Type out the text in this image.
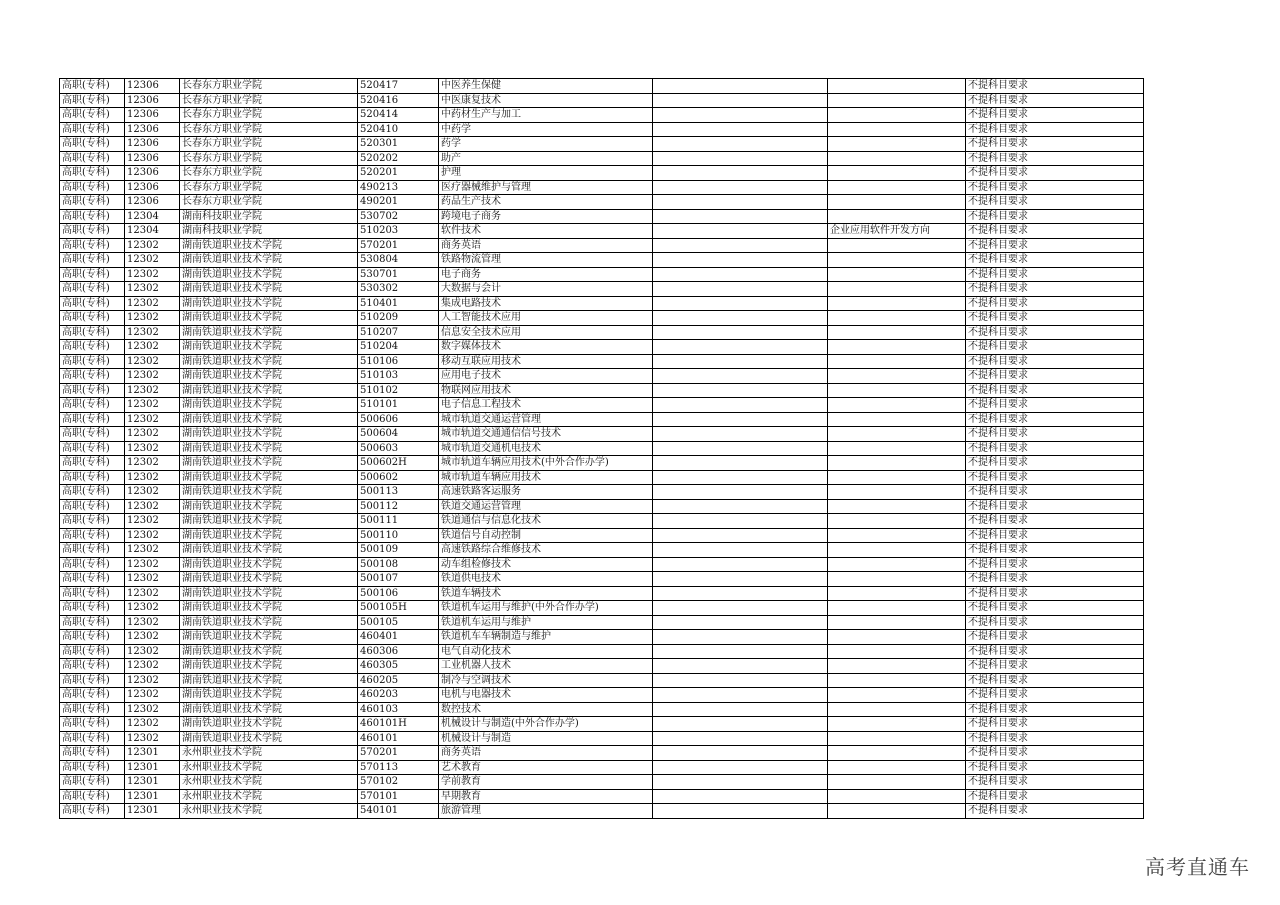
高职(专科)	12306	长春东方职业学院	520417	中医养生保健			不提科目要求
高职(专科)	12306	长春东方职业学院	520416	中医康复技术			不提科目要求
高职(专科)	12306	长春东方职业学院	520414	中药材生产与加工			不提科目要求
高职(专科)	12306	长春东方职业学院	520410	中药学			不提科目要求
高职(专科)	12306	长春东方职业学院	520301	药学			不提科目要求
高职(专科)	12306	长春东方职业学院	520202	助产			不提科目要求
高职(专科)	12306	长春东方职业学院	520201	护理			不提科目要求
高职(专科)	12306	长春东方职业学院	490213	医疗器械维护与管理			不提科目要求
高职(专科)	12306	长春东方职业学院	490201	药品生产技术			不提科目要求
高职(专科)	12304	湖南科技职业学院	530702	跨境电子商务			不提科目要求
高职(专科)	12304	湖南科技职业学院	510203	软件技术		企业应用软件开发方向	不提科目要求
高职(专科)	12302	湖南铁道职业技术学院	570201	商务英语			不提科目要求
高职(专科)	12302	湖南铁道职业技术学院	530804	铁路物流管理			不提科目要求
高职(专科)	12302	湖南铁道职业技术学院	530701	电子商务			不提科目要求
高职(专科)	12302	湖南铁道职业技术学院	530302	大数据与会计			不提科目要求
高职(专科)	12302	湖南铁道职业技术学院	510401	集成电路技术			不提科目要求
高职(专科)	12302	湖南铁道职业技术学院	510209	人工智能技术应用			不提科目要求
高职(专科)	12302	湖南铁道职业技术学院	510207	信息安全技术应用			不提科目要求
高职(专科)	12302	湖南铁道职业技术学院	510204	数字媒体技术			不提科目要求
高职(专科)	12302	湖南铁道职业技术学院	510106	移动互联应用技术			不提科目要求
高职(专科)	12302	湖南铁道职业技术学院	510103	应用电子技术			不提科目要求
高职(专科)	12302	湖南铁道职业技术学院	510102	物联网应用技术			不提科目要求
高职(专科)	12302	湖南铁道职业技术学院	510101	电子信息工程技术			不提科目要求
高职(专科)	12302	湖南铁道职业技术学院	500606	城市轨道交通运营管理			不提科目要求
高职(专科)	12302	湖南铁道职业技术学院	500604	城市轨道交通通信信号技术			不提科目要求
高职(专科)	12302	湖南铁道职业技术学院	500603	城市轨道交通机电技术			不提科目要求
高职(专科)	12302	湖南铁道职业技术学院	500602H	城市轨道车辆应用技术(中外合作办学)			不提科目要求
高职(专科)	12302	湖南铁道职业技术学院	500602	城市轨道车辆应用技术			不提科目要求
高职(专科)	12302	湖南铁道职业技术学院	500113	高速铁路客运服务			不提科目要求
高职(专科)	12302	湖南铁道职业技术学院	500112	铁道交通运营管理			不提科目要求
高职(专科)	12302	湖南铁道职业技术学院	500111	铁道通信与信息化技术			不提科目要求
高职(专科)	12302	湖南铁道职业技术学院	500110	铁道信号自动控制			不提科目要求
高职(专科)	12302	湖南铁道职业技术学院	500109	高速铁路综合维修技术			不提科目要求
高职(专科)	12302	湖南铁道职业技术学院	500108	动车组检修技术			不提科目要求
高职(专科)	12302	湖南铁道职业技术学院	500107	铁道供电技术			不提科目要求
高职(专科)	12302	湖南铁道职业技术学院	500106	铁道车辆技术			不提科目要求
高职(专科)	12302	湖南铁道职业技术学院	500105H	铁道机车运用与维护(中外合作办学)			不提科目要求
高职(专科)	12302	湖南铁道职业技术学院	500105	铁道机车运用与维护			不提科目要求
高职(专科)	12302	湖南铁道职业技术学院	460401	铁道机车车辆制造与维护			不提科目要求
高职(专科)	12302	湖南铁道职业技术学院	460306	电气自动化技术			不提科目要求
高职(专科)	12302	湖南铁道职业技术学院	460305	工业机器人技术			不提科目要求
高职(专科)	12302	湖南铁道职业技术学院	460205	制冷与空调技术			不提科目要求
高职(专科)	12302	湖南铁道职业技术学院	460203	电机与电器技术			不提科目要求
高职(专科)	12302	湖南铁道职业技术学院	460103	数控技术			不提科目要求
高职(专科)	12302	湖南铁道职业技术学院	460101H	机械设计与制造(中外合作办学)			不提科目要求
高职(专科)	12302	湖南铁道职业技术学院	460101	机械设计与制造			不提科目要求
高职(专科)	12301	永州职业技术学院	570201	商务英语			不提科目要求
高职(专科)	12301	永州职业技术学院	570113	艺术教育			不提科目要求
高职(专科)	12301	永州职业技术学院	570102	学前教育			不提科目要求
高职(专科)	12301	永州职业技术学院	570101	早期教育			不提科目要求
高职(专科)	12301	永州职业技术学院	540101	旅游管理			不提科目要求
高考直通车
